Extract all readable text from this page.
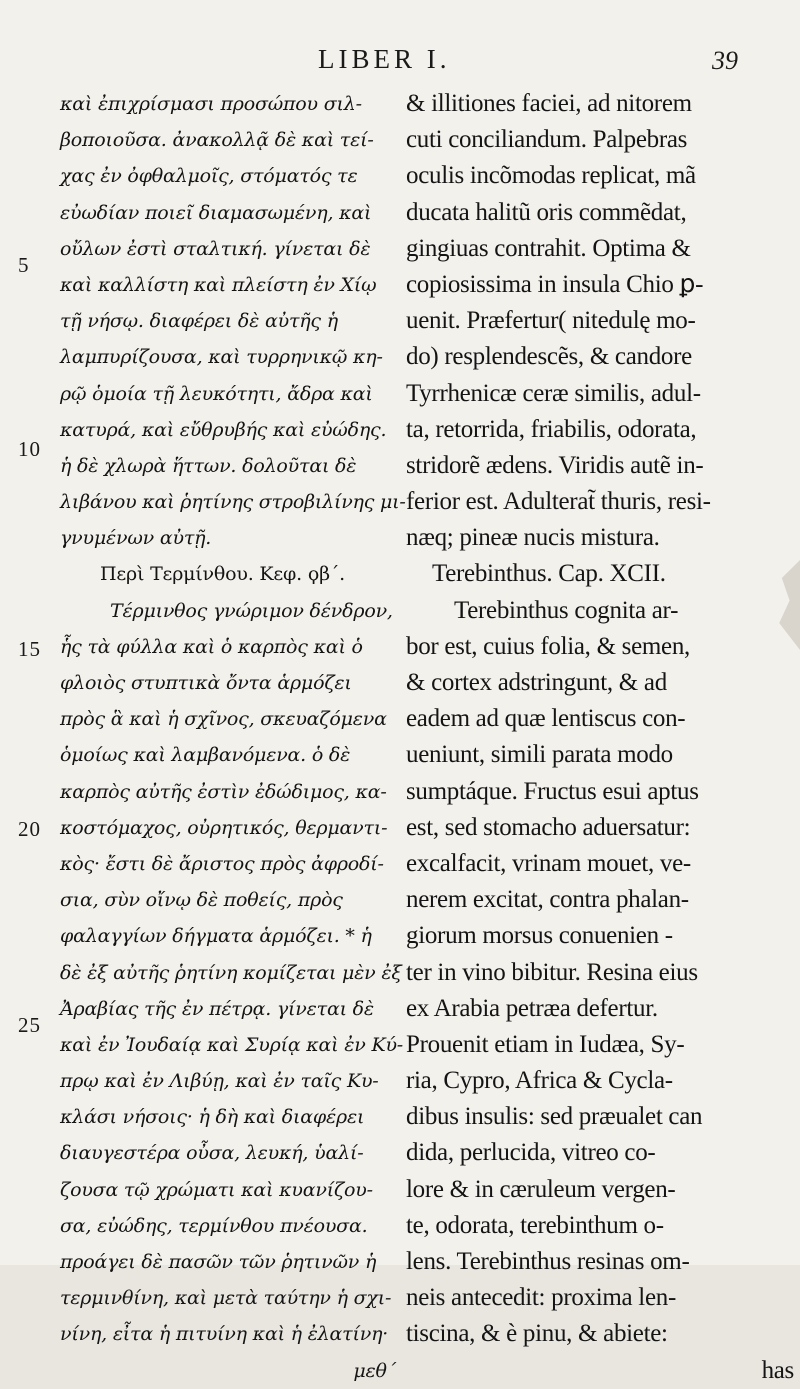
LIBER I.	39
5
10
15
20
25
καὶ ἐπιχρίσμασι προσώπου σιλ-
βοποιοῦσα. ἀνακολλᾷ δὲ καὶ τεί-
χας ἐν ὀφθαλμοῖς, στόματός τε
εὐωδίαν ποιεῖ διαμασωμένη, καὶ
οὔλων ἐστὶ σταλτική. γίνεται δὲ
καὶ καλλίστη καὶ πλείστη ἐν Χίῳ
τῇ νήσῳ. διαφέρει δὲ αὐτῆς ἡ
λαμπυρίζουσα, καὶ τυρρηνικῷ κη-
ρῷ ὁμοία τῇ λευκότητι, ἄδρα καὶ
κατυρά, καὶ εὔθρυβής καὶ εὐώδης.
ἡ δὲ χλωρὰ ἥττων. δολοῦται δὲ
λιβάνου καὶ ῥητίνης στροβιλίνης μι-
γνυμένων αὐτῇ.
Περὶ Τερμίνθου. Κεφ. ϙβ´.
Τέρμινθος γνώριμον δένδρον,
ἧς τὰ φύλλα καὶ ὁ καρπὸς καὶ ὁ
φλοιὸς στυπτικὰ ὄντα ἁρμόζει
πρὸς ἃ καὶ ἡ σχῖνος, σκευαζόμενα
ὁμοίως καὶ λαμβανόμενα. ὁ δὲ
καρπὸς αὐτῆς ἐστὶν ἐδώδιμος, κα-
κοστόμαχος, οὐρητικός, θερμαντι-
κὸς· ἔστι δὲ ἄριστος πρὸς ἀφροδί-
σια, σὺν οἴνῳ δὲ ποθείς, πρὸς
φαλαγγίων δήγματα ἁρμόζει. * ἡ
δὲ ἐξ αὐτῆς ῥητίνη κομίζεται μὲν ἐξ
Ἀραβίας τῆς ἐν πέτρᾳ. γίνεται δὲ
καὶ ἐν Ἰουδαίᾳ καὶ Συρίᾳ καὶ ἐν Κύ-
πρῳ καὶ ἐν Λιβύῃ, καὶ ἐν ταῖς Κυ-
κλάσι νήσοις· ἡ δὴ καὶ διαφέρει
διαυγεστέρα οὖσα, λευκή, ὑαλί-
ζουσα τῷ χρώματι καὶ κυανίζου-
σα, εὐώδης, τερμίνθου πνέουσα.
προάγει δὲ πασῶν τῶν ῥητινῶν ἡ
τερμινθίνη, καὶ μετὰ ταύτην ἡ σχι-
νίνη, εἶτα ἡ πιτυίνη καὶ ἡ ἐλατίνη·
μεθ´
& illitiones faciei, ad nitorem
cuti conciliandum. Palpebras
oculis incõmodas replicat, mã
ducata halitũ oris commẽdat,
gingiuas contrahit. Optima &
copiosissima in insula Chio ꝑ-
uenit. Præfertur( nitedulę mo-
do) resplendescẽs, & candore
Tyrrhenicæ ceræ similis, adul-
ta, retorrida, friabilis, odorata,
stridorẽ ædens. Viridis autẽ in-
ferior est. Adulterat̃ thuris, resi-
næq; pineæ nucis mistura.
Terebinthus. Cap. XCII.
Terebinthus cognita ar-
bor est, cuius folia, & semen,
& cortex adstringunt, & ad
eadem ad quæ lentiscus con-
ueniunt, simili parata modo
sumptáque. Fructus esui aptus
est, sed stomacho aduersatur:
excalfacit, vrinam mouet, ve-
nerem excitat, contra phalan-
giorum morsus conuenien -
ter in vino bibitur. Resina eius
ex Arabia petræa defertur.
Prouenit etiam in Iudæa, Sy-
ria, Cypro, Africa & Cycla-
dibus insulis: sed præualet can
dida, perlucida, vitreo co-
lore & in cæruleum vergen-
te, odorata, terebinthum o-
lens. Terebinthus resinas om-
neis antecedit: proxima len-
tiscina, & è pinu, & abiete:
has
